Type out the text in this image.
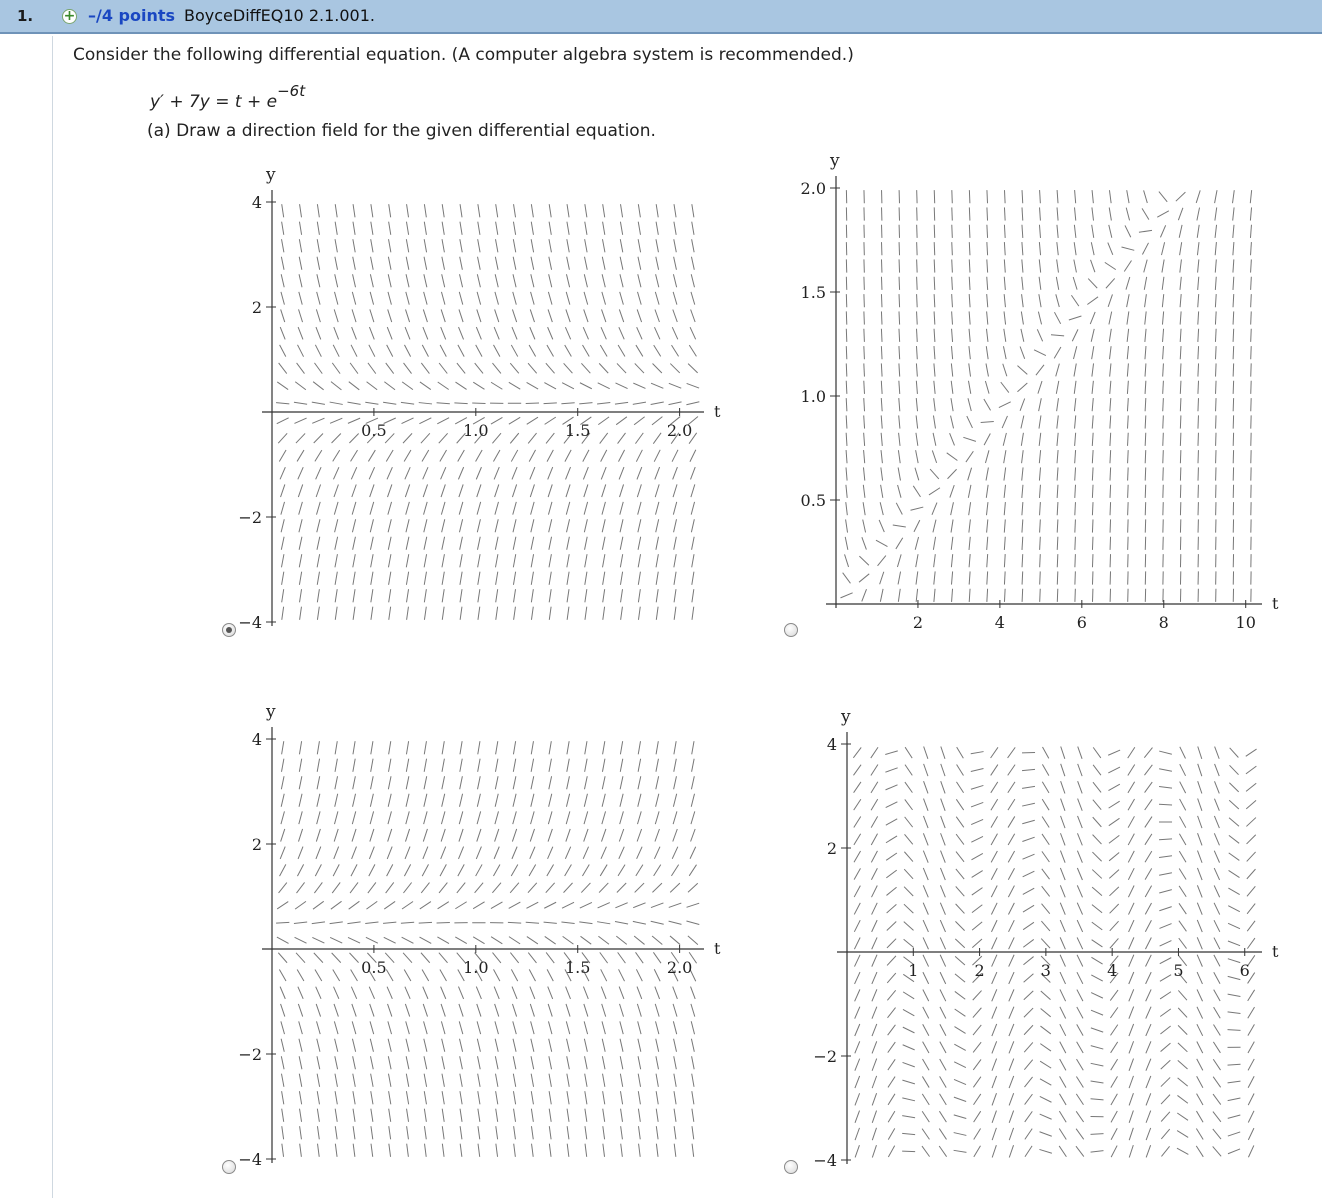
1. + –/4 points BoyceDiffEQ10 2.1.001.
Consider the following differential equation. (A computer algebra system is recommended.)
$y' + 7y = t + e^{-6t}$
(a) Draw a direction field for the given differential equation.
t
y
0.5	1.0	1.5	2.0
4
2
−2
−4
t
y
2	4	6	8	10
2.0
1.5
1.0
0.5
t
y
0.5	1.0	1.5	2.0
4
2
−2
−4
t
y
1	2	3	4	5	6
4
2
−2
−4
